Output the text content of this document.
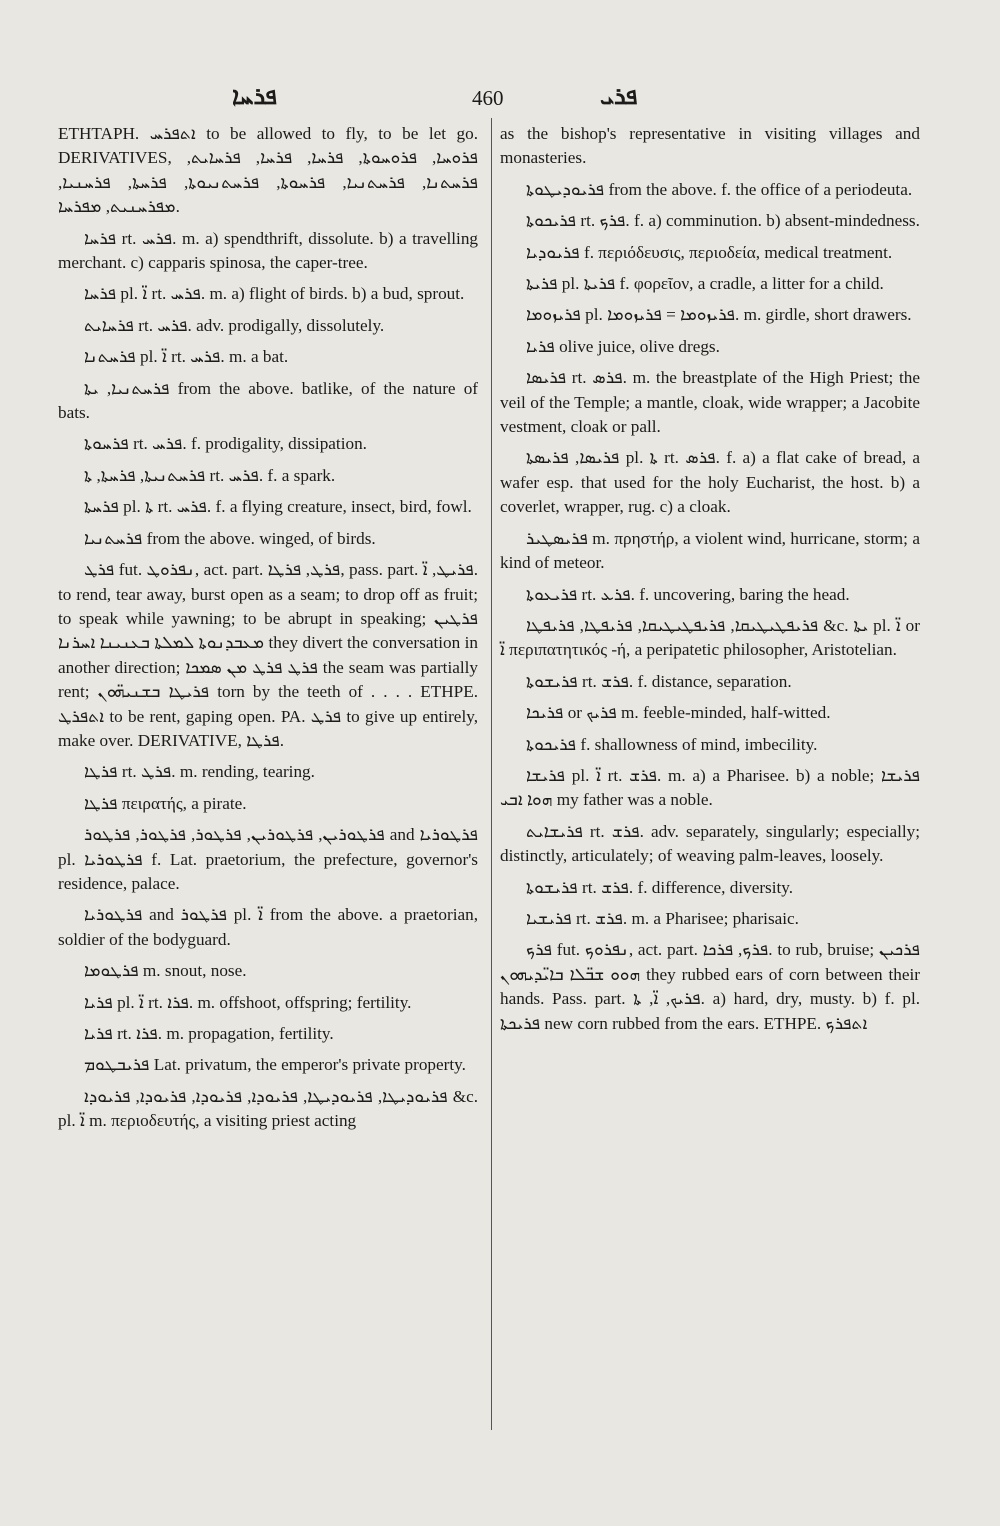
ܦܪܚܐ	460	ܦܪܝ

ETHTAPH. ܐܬܦܪܚ to be allowed to fly, to be let go. DERIVATIVES, ܦܪܘܚܐ, ܦܪܘܚܘܬܐ, ܦܪܚܐ, ܦܪܚܐ, ܦܪܚܐܝܬ, ܦܪܚܬܢܐ, ܦܪܚܬܢܝܐ, ܦܪܚܘܬܐ, ܦܪܚܬܢܝܘܬܐ, ܦܪܚܬܐ, ܦܪܚܢܝܐ, ܡܦܪܚܢܝܬ, ܡܦܪܚܐ.

ܦܪܚܐ rt. ܦܪܚ. m. a) spendthrift, dissolute. b) a travelling merchant. c) capparis spinosa, the caper-tree.

ܦܪܚܐ pl. ܐ̈ rt. ܦܪܚ. m. a) flight of birds. b) a bud, sprout.

ܦܪܚܐܝܬ rt. ܦܪܚ. adv. prodigally, dissolutely.

ܦܪܚܬܢܐ pl. ܐ̈ rt. ܦܪܚ. m. a bat.

ܦܪܚܬܢܝܐ, ܝܬܐ from the above. batlike, of the nature of bats.

ܦܪܚܘܬܐ rt. ܦܪܚ. f. prodigality, dissipation.

ܦܪܚܬܢܝܬܐ, ܦܪܚܬܐ, ܬܐ rt. ܦܪܚ. f. a spark.

ܦܪܚܬܐ pl. ܬܐ rt. ܦܪܚ. f. a flying creature, insect, bird, fowl.

ܦܪܚܬܢܝܐ from the above. winged, of birds.

ܦܪܛ fut. ܢܦܪܘܛ, act. part. ܦܪܛ, ܦܪܛܐ, pass. part. ܦܪܝܛ, ܐ̈. to rend, tear away, burst open as a seam; to drop off as fruit; to speak while yawning; to be abrupt in speaking; ܦܪܛܝܢ ܡܥܒܕܢܘܬܐ ܠܡܠܬܐ ܒܥܢܝܢܐ ܐܚܪܢܐ they divert the conversation in another direction; ܦܪܛ ܦܪܛ ܡܢ ܣܡܟܐ the seam was partially rent; ܦܪܝܛܐ ܒܫܢܝܗ̈ܘܢ torn by the teeth of . . . . ETHPE. ܐܬܦܪܛ to be rent, gaping open. PA. ܦܪܛ to give up entirely, make over. DERIVATIVE, ܦܪܛܐ.

ܦܪܛܐ rt. ܦܪܛ. m. rending, tearing.

ܦܪܛܐ πειρατής, a pirate.

ܦܪܛܘܪܝܢ, ܦܪܛܘܪܝܢ, ܦܪܛܘܪ, ܦܪܛܘܪ, ܦܪܛܘܪ and ܦܪܛܘܪܝܐ pl. ܦܪܛܘܪܝܐ f. Lat. praetorium, the prefecture, governor's residence, palace.

ܦܪܛܘܪܝܐ and ܦܪܛܘܪ pl. ܐ̈ from the above. a praetorian, soldier of the bodyguard.

ܦܪܛܘܡܐ m. snout, nose.

ܦܪܝܐ pl. ܐ̈ rt. ܦܪܐ. m. offshoot, offspring; fertility.

ܦܪܝܐ rt. ܦܪܐ. m. propagation, fertility.

ܦܪܝܒܛܘܡ Lat. privatum, the emperor's private property.

ܦܪܝܘܕܝܛܐ, ܦܪܝܘܕܝܛܐ, ܦܪܝܘܕܐ, ܦܪܝܘܕܐ, ܦܪܝܘܕܐ, ܦܪܝܘܕܐ &c. pl. ܐ̈ m. περιοδευτής, a visiting priest acting

as the bishop's representative in visiting villages and monasteries.

ܦܪܝܘܕܝܛܘܬܐ from the above. f. the office of a periodeuta.

ܦܪܝܟܘܬܐ rt. ܦܪܟ. f. a) comminution. b) absent-mindedness.

ܦܪܝܘܕܝܐ f. περιόδευσις, περιοδεία, medical treatment.

ܦܪܝܬܐ pl. ܦܪܝܬܐ f. φορεῖον, a cradle, a litter for a child.

ܦܪܝܙܘܡܐ pl. ܦܪܝܙܘܡܐ = ܦܪܝܙܘܡܐ. m. girdle, short drawers.

ܦܪܝܐ olive juice, olive dregs.

ܦܪܝܣܐ rt. ܦܪܣ. m. the breastplate of the High Priest; the veil of the Temple; a mantle, cloak, wide wrapper; a Jacobite vestment, cloak or pall.

ܦܪܝܣܐ, ܦܪܝܣܬܐ pl. ܬܐ rt. ܦܪܣ. f. a) a flat cake of bread, a wafer esp. that used for the holy Eucharist, the host. b) a coverlet, wrapper, rug. c) a cloak.

ܦܪܝܣܛܝܪ m. πρηστήρ, a violent wind, hurricane, storm; a kind of meteor.

ܦܪܝܥܘܬܐ rt. ܦܪܥ. f. uncovering, baring the head.

ܦܪܝܦܛܝܛܝܩܐ, ܦܪܝܦܛܝܛܝܩܐ, ܦܪܝܦܛܐ, ܦܪܝܦܛܐ &c. ܝܬܐ pl. ܐ̈ or ܐ̈ περιπατητικός -ή, a peripatetic philosopher, Aristotelian.

ܦܪܝܫܘܬܐ rt. ܦܪܫ. f. distance, separation.

ܦܪܝܟܐ or ܦܪܝܟ m. feeble-minded, half-witted.

ܦܪܝܟܘܬܐ f. shallowness of mind, imbecility.

ܦܪܝܫܐ pl. ܐ̈ rt. ܦܪܫ. m. a) a Pharisee. b) a noble; ܦܪܝܫܐ ܗܘܐ ܐܒܝ my father was a noble.

ܦܪܝܫܐܝܬ rt. ܦܪܫ. adv. separately, singularly; especially; distinctly, articulately; of weaving palm-leaves, loosely.

ܦܪܝܫܘܬܐ rt. ܦܪܫ. f. difference, diversity.

ܦܪܝܫܝܐ rt. ܦܪܫ. m. a Pharisee; pharisaic.

ܦܪܟ fut. ܢܦܪܘܟ, act. part. ܦܪܟ, ܦܪܟܐ. to rub, bruise; ܦܪܟܝܢ ܗܘܘ ܫܒ̈ܠܐ ܒܐܝ̈ܕܝܗܘܢ they rubbed ears of corn between their hands. Pass. part. ܦܪܝܟ, ܐ̈, ܬܐ. a) hard, dry, musty. b) f. pl. ܦܪܝܟܬܐ new corn rubbed from the ears. ETHPE. ܐܬܦܪܟ
